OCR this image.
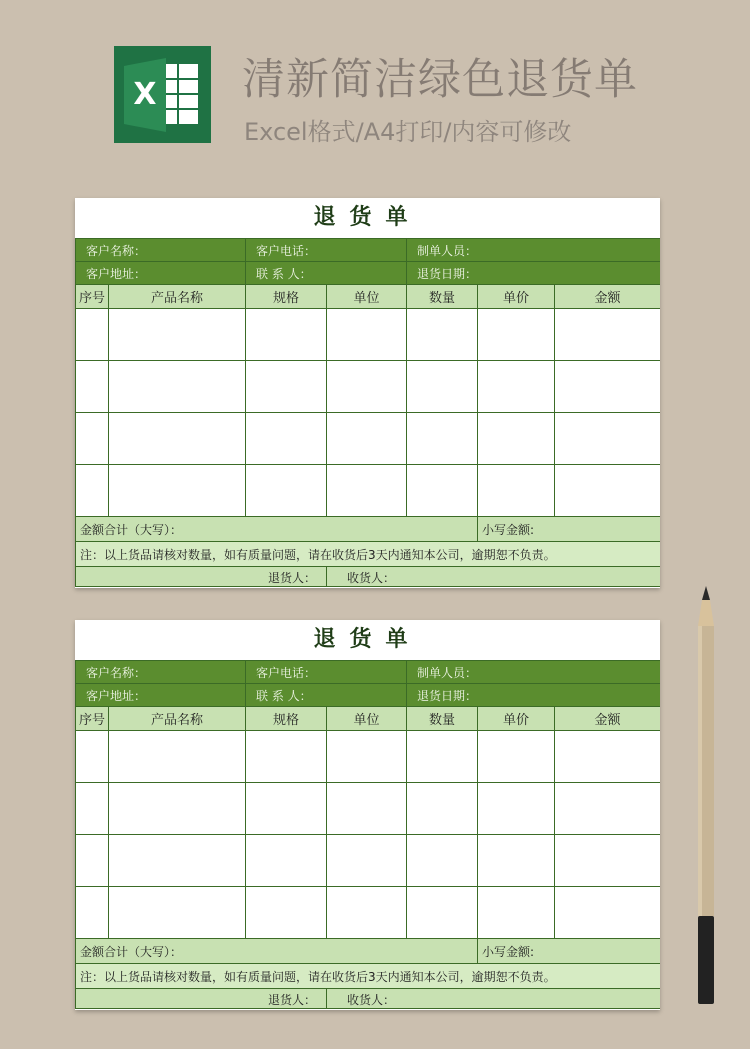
X 清新简洁绿色退货单
Excel格式/A4打印/内容可修改
退货单
客户名称：		客户电话：		制单人员：		
客户地址：		联 系 人：		退货日期：		
序号	产品名称	规格	单位	数量	单价	金额

金额合计（大写）：					小写金额:	
注：以上货品请核对数量，如有质量问题，请在收货后3天内通知本公司，逾期恕不负责。						
退货人：			收货人：			
退货单
客户名称：		客户电话：		制单人员：		
客户地址：		联 系 人：		退货日期：		
序号	产品名称	规格	单位	数量	单价	金额

金额合计（大写）：					小写金额:	
注：以上货品请核对数量，如有质量问题，请在收货后3天内通知本公司，逾期恕不负责。						
退货人：			收货人：			
